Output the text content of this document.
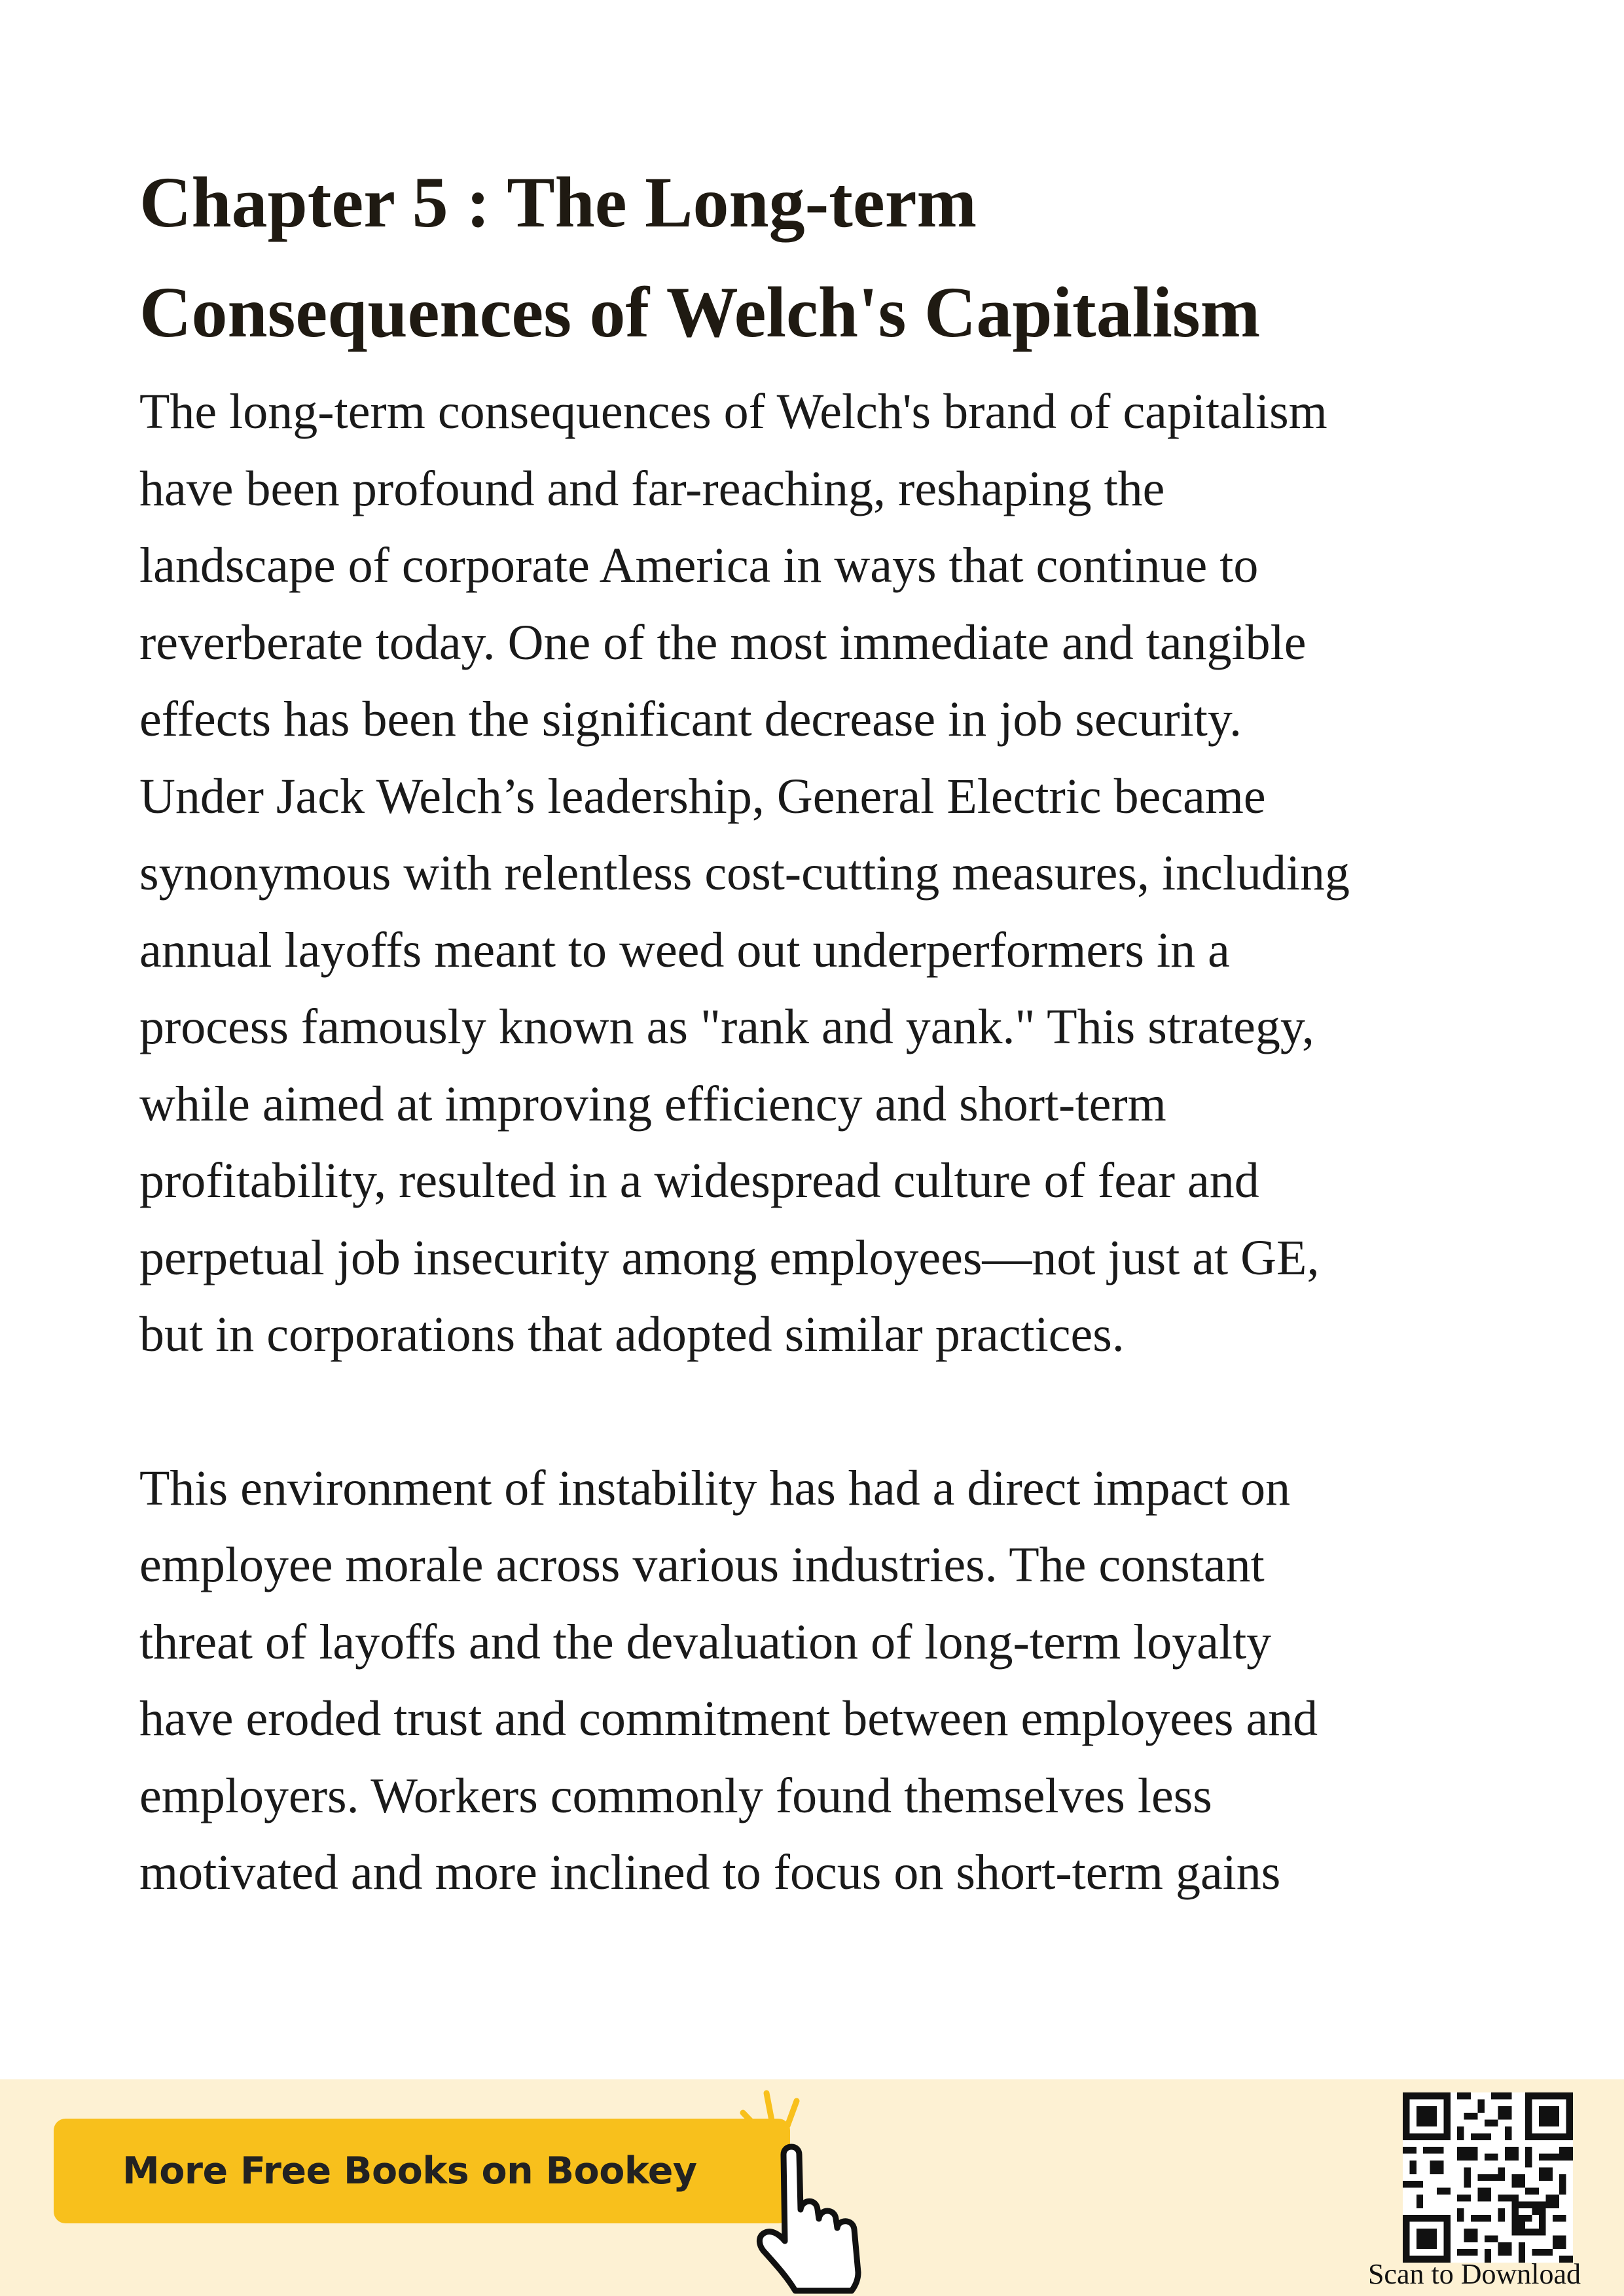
Chapter 5 : The Long-term
Consequences of Welch's Capitalism

The long-term consequences of Welch's brand of capitalism
have been profound and far-reaching, reshaping the
landscape of corporate America in ways that continue to
reverberate today. One of the most immediate and tangible
effects has been the significant decrease in job security.
Under Jack Welch’s leadership, General Electric became
synonymous with relentless cost-cutting measures, including
annual layoffs meant to weed out underperformers in a
process famously known as "rank and yank." This strategy,
while aimed at improving efficiency and short-term
profitability, resulted in a widespread culture of fear and
perpetual job insecurity among employees—not just at GE,
but in corporations that adopted similar practices.

This environment of instability has had a direct impact on
employee morale across various industries. The constant
threat of layoffs and the devaluation of long-term loyalty
have eroded trust and commitment between employees and
employers. Workers commonly found themselves less
motivated and more inclined to focus on short-term gains

More Free Books on Bookey
Scan to Download
